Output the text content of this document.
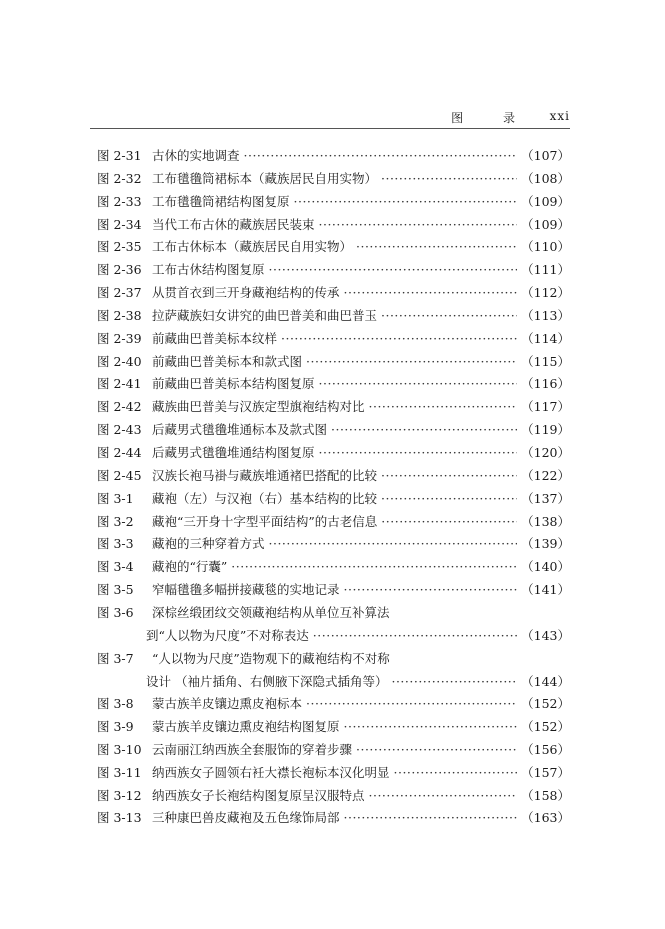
图 录 xxi
图 2-31 古休的实地调查 ·····	（107）
图 2-32 工布氆氇筒裙标本（藏族居民自用实物） ·····	（108）
图 2-33 工布氆氇筒裙结构图复原 ·····	（109）
图 2-34 当代工布古休的藏族居民装束 ·····	（109）
图 2-35 工布古休标本（藏族居民自用实物） ·····	（110）
图 2-36 工布古休结构图复原 ·····	（111）
图 2-37 从贯首衣到三开身藏袍结构的传承 ·····	（112）
图 2-38 拉萨藏族妇女讲究的曲巴普美和曲巴普玉 ·····	（113）
图 2-39 前藏曲巴普美标本纹样 ·····	（114）
图 2-40 前藏曲巴普美标本和款式图 ·····	（115）
图 2-41 前藏曲巴普美标本结构图复原 ·····	（116）
图 2-42 藏族曲巴普美与汉族定型旗袍结构对比 ·····	（117）
图 2-43 后藏男式氆氇堆通标本及款式图 ·····	（119）
图 2-44 后藏男式氆氇堆通结构图复原 ·····	（120）
图 2-45 汉族长袍马褂与藏族堆通褚巴搭配的比较 ·····	（122）
图 3-1 藏袍（左）与汉袍（右）基本结构的比较 ·····	（137）
图 3-2 藏袍“三开身十字型平面结构”的古老信息 ·····	（138）
图 3-3 藏袍的三种穿着方式 ·····	（139）
图 3-4 藏袍的“行囊” ·····	（140）
图 3-5 窄幅氆氇多幅拼接藏毯的实地记录 ·····	（141）
图 3-6 深棕丝缎团纹交领藏袍结构从单位互补算法
到“人以物为尺度”不对称表达 ·····	（143）
图 3-7 “人以物为尺度”造物观下的藏袍结构不对称
设计 （袖片插角、右侧腋下深隐式插角等） ·····	（144）
图 3-8 蒙古族羊皮镶边熏皮袍标本 ·····	（152）
图 3-9 蒙古族羊皮镶边熏皮袍结构图复原 ·····	（152）
图 3-10 云南丽江纳西族全套服饰的穿着步骤 ·····	（156）
图 3-11 纳西族女子圆领右衽大襟长袍标本汉化明显 ·····	（157）
图 3-12 纳西族女子长袍结构图复原呈汉服特点 ·····	（158）
图 3-13 三种康巴兽皮藏袍及五色缘饰局部 ·····	（163）
